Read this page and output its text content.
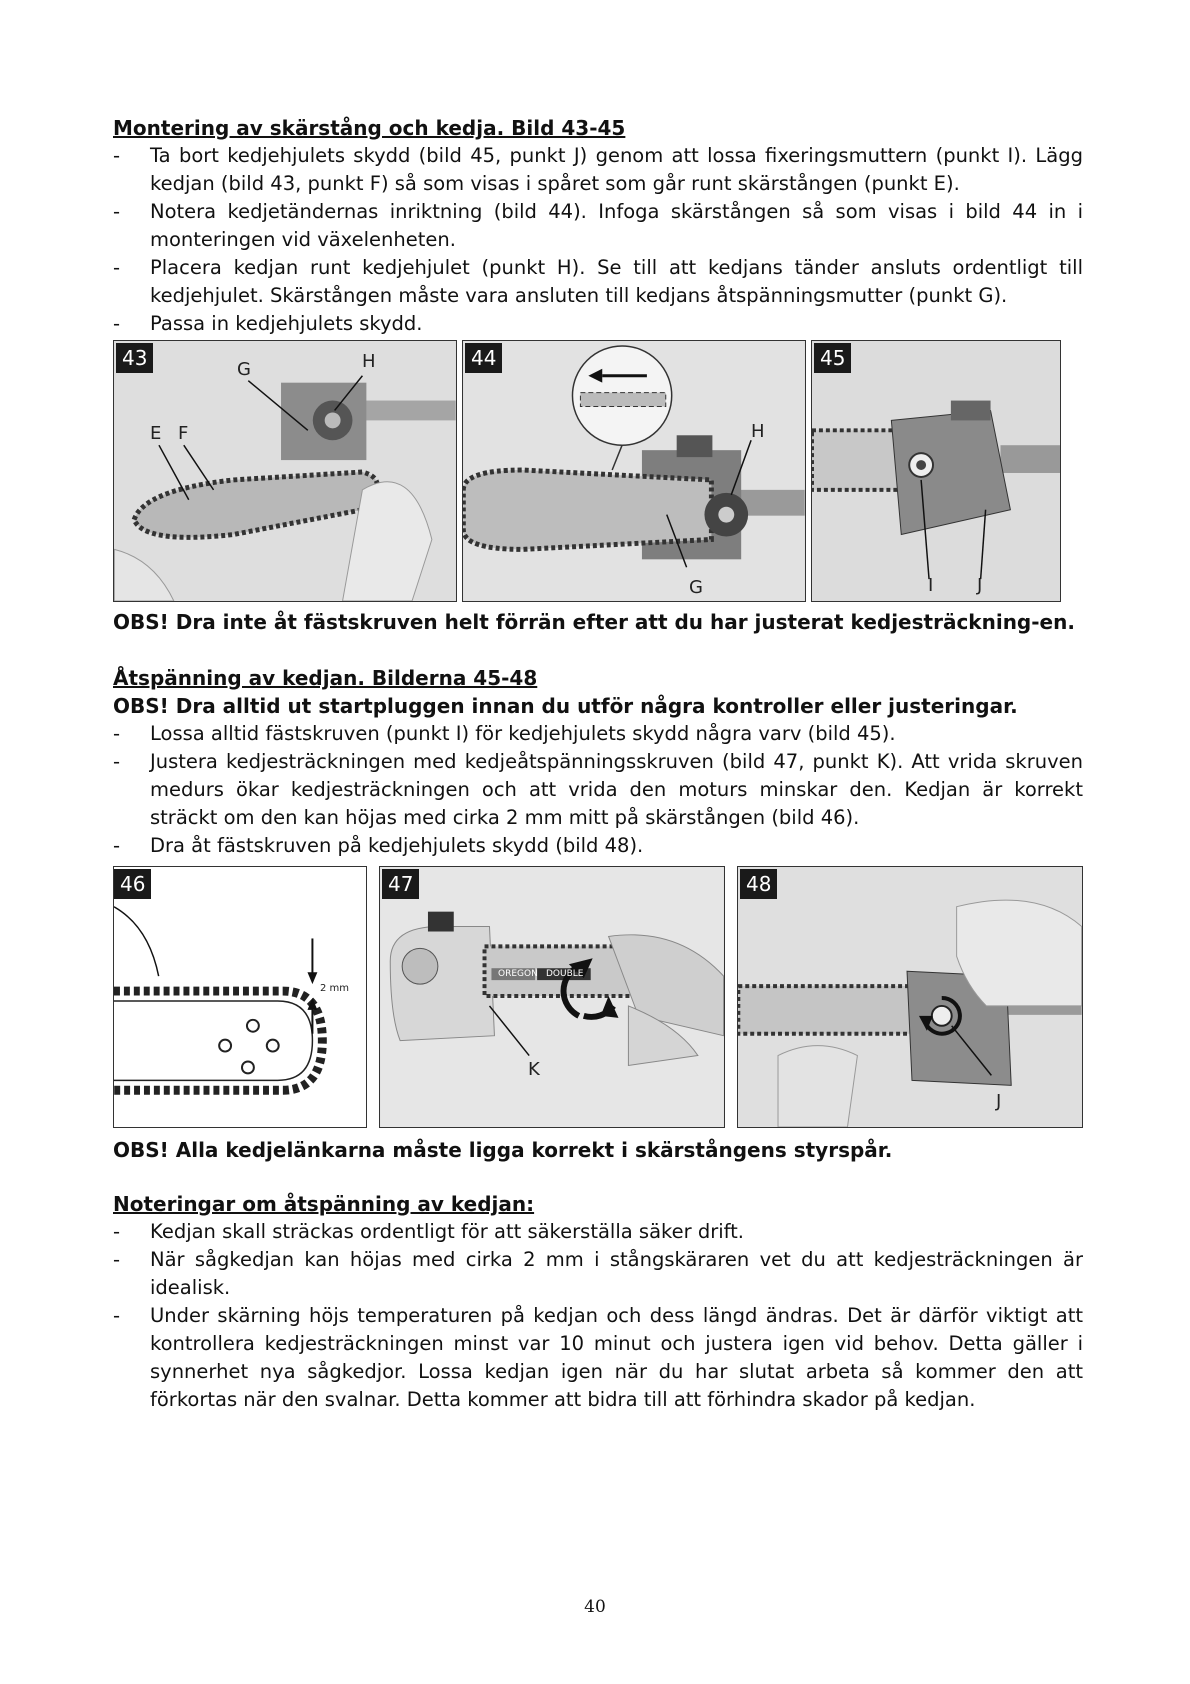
Montering av skärstång och kedja. Bild 43-45
- Ta bort kedjehjulets skydd (bild 45, punkt J) genom att lossa fixeringsmuttern (punkt I). Lägg kedjan (bild 43, punkt F) så som visas i spåret som går runt skärstången (punkt E).
- Notera kedjetändernas inriktning (bild 44). Infoga skärstången så som visas i bild 44 in i monteringen vid växelenheten.
- Placera kedjan runt kedjehjulet (punkt H). Se till att kedjans tänder ansluts ordentligt till kedjehjulet. Skärstången måste vara ansluten till kedjans åtspänningsmutter (punkt G).
- Passa in kedjehjulets skydd.
43	G	H
E F
44
H
G
45
I J

OBS! Dra inte åt fästskruven helt förrän efter att du har justerat kedjesträckning-en.

Åtspänning av kedjan. Bilderna 45-48

OBS! Dra alltid ut startpluggen innan du utför några kontroller eller justeringar.

- Lossa alltid fästskruven (punkt I) för kedjehjulets skydd några varv (bild 45).
- Justera kedjesträckningen med kedjeåtspänningsskruven (bild 47, punkt K). Att vrida skruven medurs ökar kedjesträckningen och att vrida den moturs minskar den. Kedjan är korrekt sträckt om den kan höjas med cirka 2 mm mitt på skärstången (bild 46).
- Dra åt fästskruven på kedjehjulets skydd (bild 48).
46
2 mm
47
OREGON DOUBLE
K
48
J

OBS! Alla kedjelänkarna måste ligga korrekt i skärstångens styrspår.

Noteringar om åtspänning av kedjan:
- Kedjan skall sträckas ordentligt för att säkerställa säker drift.
- När sågkedjan kan höjas med cirka 2 mm i stångskäraren vet du att kedjesträckningen är idealisk.
- Under skärning höjs temperaturen på kedjan och dess längd ändras. Det är därför viktigt att kontrollera kedjesträckningen minst var 10 minut och justera igen vid behov. Detta gäller i synnerhet nya sågkedjor. Lossa kedjan igen när du har slutat arbeta så kommer den att förkortas när den svalnar. Detta kommer att bidra till att förhindra skador på kedjan.
40
